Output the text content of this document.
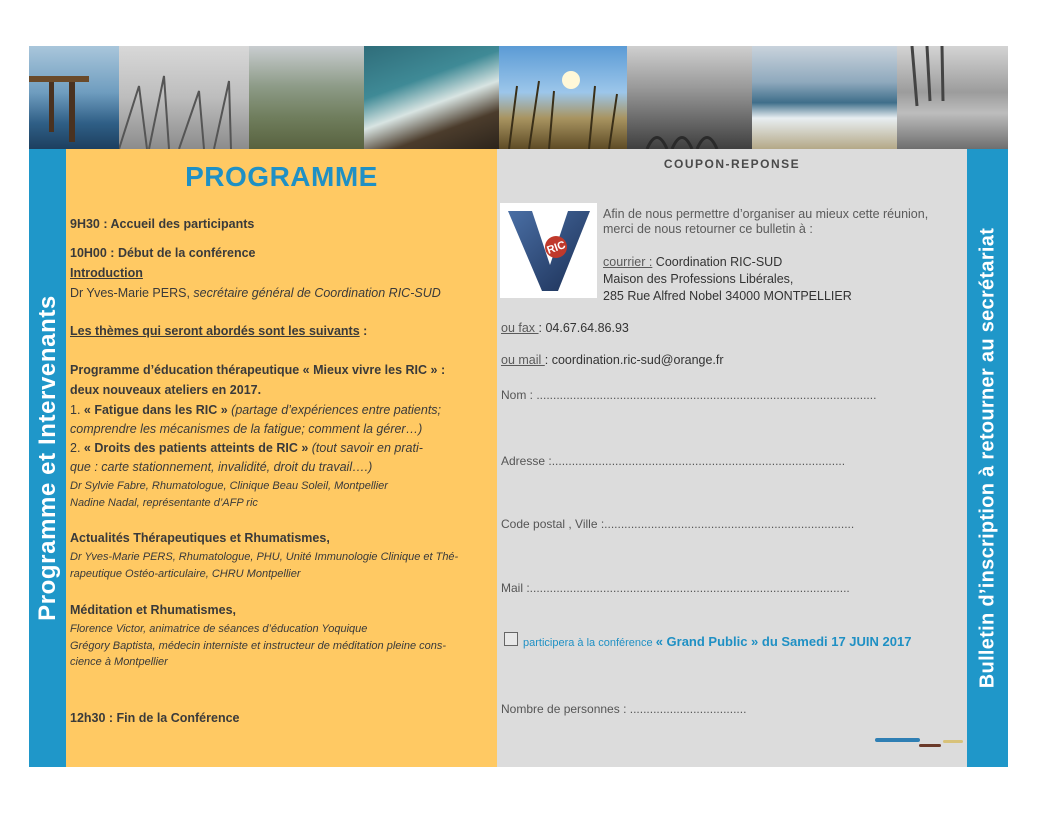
Programme et Intervenants
PROGRAMME
9H30 : Accueil des participants
10H00 : Début de la conférence
Introduction
Dr Yves-Marie PERS, secrétaire général de Coordination RIC-SUD
Les thèmes qui seront abordés sont les suivants :
Programme d’éducation thérapeutique « Mieux vivre les RIC » :
deux nouveaux ateliers en 2017.
1. « Fatigue dans les RIC » (partage d’expériences entre patients;
comprendre les mécanismes de la fatigue; comment la gérer…)
2. « Droits des patients atteints de RIC » (tout savoir en prati-
que : carte stationnement, invalidité, droit du travail….)
Dr Sylvie Fabre, Rhumatologue, Clinique Beau Soleil, Montpellier
Nadine Nadal, représentante d’AFP ric
Actualités Thérapeutiques et Rhumatismes,
Dr Yves-Marie PERS, Rhumatologue, PHU, Unité Immunologie Clinique et Thé-
rapeutique Ostéo-articulaire, CHRU Montpellier
Méditation et Rhumatismes,
Florence Victor, animatrice de séances d’éducation Yoquique
Grégory Baptista, médecin interniste et instructeur de méditation pleine cons-
cience à Montpellier
12h30 : Fin de la Conférence
COUPON-REPONSE
RIC
Afin de nous permettre d’organiser au mieux cette réunion,
merci de nous retourner ce bulletin à :
courrier : Coordination RIC-SUD
Maison des Professions Libérales,
285 Rue Alfred Nobel 34000 MONTPELLIER
ou fax : 04.67.64.86.93
ou mail : coordination.ric-sud@orange.fr
Nom : ......................................................................................................
Adresse :........................................................................................
Code postal , Ville :...........................................................................
Mail :................................................................................................
participera à la conférence « Grand Public » du Samedi 17 JUIN 2017
Nombre de personnes : ...................................
Bulletin d’inscription à retourner au secrétariat
